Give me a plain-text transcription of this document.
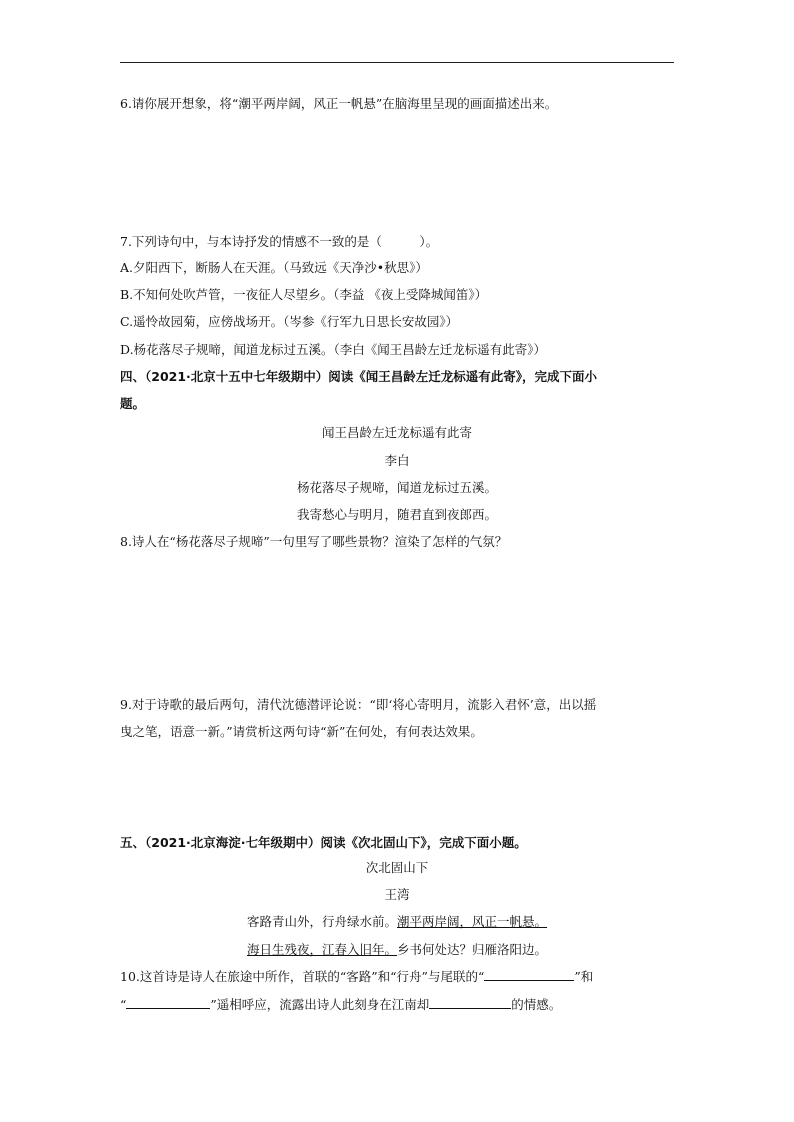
6.请你展开想象，将“潮平两岸阔，风正一帆悬”在脑海里呈现的画面描述出来。
7.下列诗句中，与本诗抒发的情感不一致的是（　　　）。
A.夕阳西下，断肠人在天涯。（马致远《天净沙•秋思》）
B.不知何处吹芦管，一夜征人尽望乡。（李益 《夜上受降城闻笛》）
C.遥怜故园菊，应傍战场开。（岑参《行军九日思长安故园》）
D.杨花落尽子规啼，闻道龙标过五溪。（李白《闻王昌龄左迁龙标遥有此寄》）
四、（2021·北京十五中七年级期中）阅读《闻王昌龄左迁龙标遥有此寄》，完成下面小
题。
闻王昌龄左迁龙标遥有此寄
李白
杨花落尽子规啼，闻道龙标过五溪。
我寄愁心与明月，随君直到夜郎西。
8.诗人在“杨花落尽子规啼”一句里写了哪些景物？渲染了怎样的气氛？
9.对于诗歌的最后两句，清代沈德潜评论说：“即‘将心寄明月，流影入君怀’意，出以摇
曳之笔，语意一新。”请赏析这两句诗“新”在何处，有何表达效果。
五、（2021·北京海淀·七年级期中）阅读《次北固山下》，完成下面小题。
次北固山下
王湾
客路青山外，行舟绿水前。潮平两岸阔，风正一帆悬。
海日生残夜，江春入旧年。乡书何处达？归雁洛阳边。
10.这首诗是诗人在旅途中所作，首联的“客路”和“行舟”与尾联的“	”和
“	”遥相呼应，流露出诗人此刻身在江南却	的情感。
